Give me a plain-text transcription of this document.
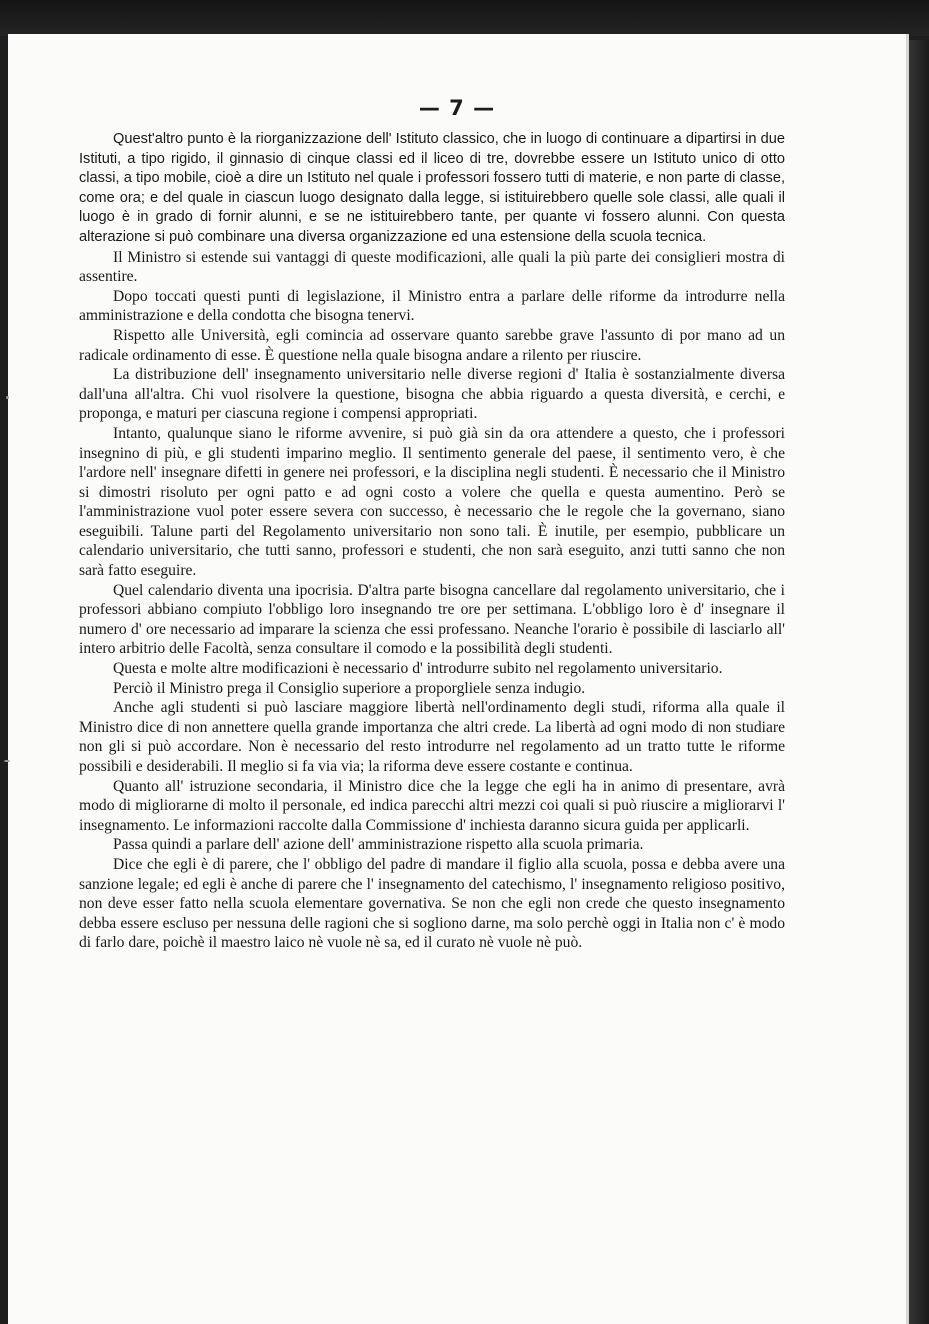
— 7 —

Quest'altro punto è la riorganizzazione dell' Istituto classico, che in luogo di continuare a dipartirsi in due Istituti, a tipo rigido, il ginnasio di cinque classi ed il liceo di tre, dovrebbe essere un Istituto unico di otto classi, a tipo mobile, cioè a dire un Istituto nel quale i professori fossero tutti di materie, e non parte di classe, come ora; e del quale in ciascun luogo designato dalla legge, si istituirebbero quelle sole classi, alle quali il luogo è in grado di fornir alunni, e se ne istituirebbero tante, per quante vi fossero alunni. Con questa alterazione si può combinare una diversa organizzazione ed una estensione della scuola tecnica.

Il Ministro si estende sui vantaggi di queste modificazioni, alle quali la più parte dei consiglieri mostra di assentire.

Dopo toccati questi punti di legislazione, il Ministro entra a parlare delle riforme da introdurre nella amministrazione e della condotta che bisogna tenervi.

Rispetto alle Università, egli comincia ad osservare quanto sarebbe grave l'assunto di por mano ad un radicale ordinamento di esse. È questione nella quale bisogna andare a rilento per riuscire.

La distribuzione dell' insegnamento universitario nelle diverse regioni d' Italia è sostanzialmente diversa dall'una all'altra. Chi vuol risolvere la questione, bisogna che abbia riguardo a questa diversità, e cerchi, e proponga, e maturi per ciascuna regione i compensi appropriati.

Intanto, qualunque siano le riforme avvenire, si può già sin da ora attendere a questo, che i professori insegnino di più, e gli studenti imparino meglio. Il sentimento generale del paese, il sentimento vero, è che l'ardore nell' insegnare difetti in genere nei professori, e la disciplina negli studenti. È necessario che il Ministro si dimostri risoluto per ogni patto e ad ogni costo a volere che quella e questa aumentino. Però se l'amministrazione vuol poter essere severa con successo, è necessario che le regole che la governano, siano eseguibili. Talune parti del Regolamento universitario non sono tali. È inutile, per esempio, pubblicare un calendario universitario, che tutti sanno, professori e studenti, che non sarà eseguito, anzi tutti sanno che non sarà fatto eseguire.

Quel calendario diventa una ipocrisia. D'altra parte bisogna cancellare dal regolamento universitario, che i professori abbiano compiuto l'obbligo loro insegnando tre ore per settimana. L'obbligo loro è d' insegnare il numero d' ore necessario ad imparare la scienza che essi professano. Neanche l'orario è possibile di lasciarlo all' intero arbitrio delle Facoltà, senza consultare il comodo e la possibilità degli studenti.

Questa e molte altre modificazioni è necessario d' introdurre subito nel regolamento universitario.

Perciò il Ministro prega il Consiglio superiore a proporgliele senza indugio.

Anche agli studenti si può lasciare maggiore libertà nell'ordinamento degli studi, riforma alla quale il Ministro dice di non annettere quella grande importanza che altri crede. La libertà ad ogni modo di non studiare non gli si può accordare. Non è necessario del resto introdurre nel regolamento ad un tratto tutte le riforme possibili e desiderabili. Il meglio si fa via via; la riforma deve essere costante e continua.

Quanto all' istruzione secondaria, il Ministro dice che la legge che egli ha in animo di presentare, avrà modo di migliorarne di molto il personale, ed indica parecchi altri mezzi coi quali si può riuscire a migliorarvi l' insegnamento. Le informazioni raccolte dalla Commissione d' inchiesta daranno sicura guida per applicarli.

Passa quindi a parlare dell' azione dell' amministrazione rispetto alla scuola primaria.

Dice che egli è di parere, che l' obbligo del padre di mandare il figlio alla scuola, possa e debba avere una sanzione legale; ed egli è anche di parere che l' insegnamento del catechismo, l' insegnamento religioso positivo, non deve esser fatto nella scuola elementare governativa. Se non che egli non crede che questo insegnamento debba essere escluso per nessuna delle ragioni che si sogliono darne, ma solo perchè oggi in Italia non c' è modo di farlo dare, poichè il maestro laico nè vuole nè sa, ed il curato nè vuole nè può.
